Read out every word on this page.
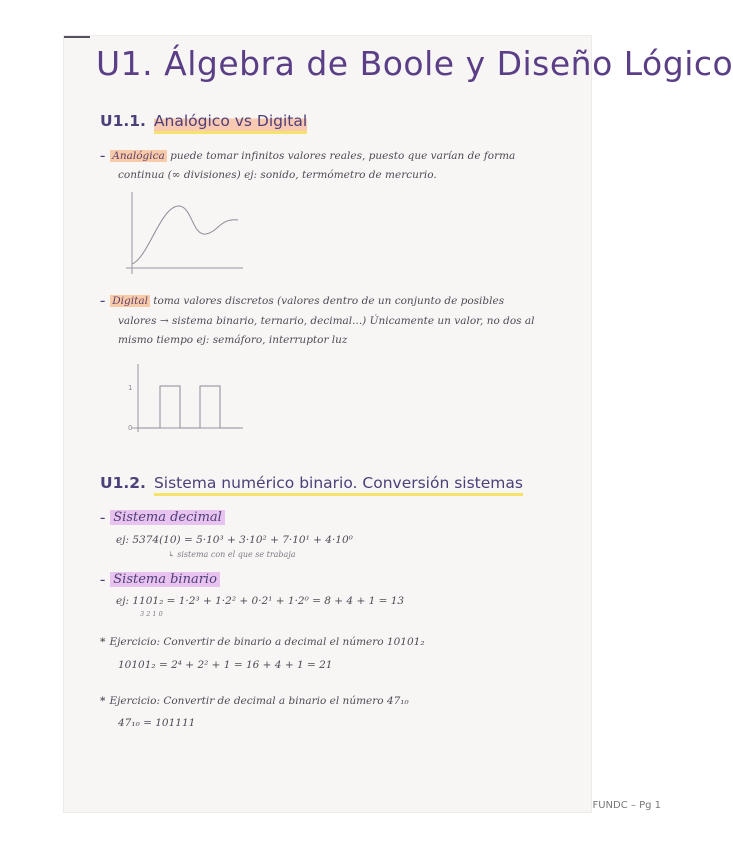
U1. Álgebra de Boole y Diseño Lógico
U1.1. Analógico vs Digital
– Analógica puede tomar infinitos valores reales, puesto que varían de forma
continua (∞ divisiones) ej: sonido, termómetro de mercurio.
– Digital toma valores discretos (valores dentro de un conjunto de posibles
valores → sistema binario, ternario, decimal...) Únicamente un valor, no dos al
mismo tiempo ej: semáforo, interruptor luz
1
0
U1.2. Sistema numérico binario. Conversión sistemas
– Sistema decimal
ej: 5374(10) = 5·10³ + 3·10² + 7·10¹ + 4·10⁰
↳ sistema con el que se trabaja
– Sistema binario
ej: 1101₂ = 1·2³ + 1·2² + 0·2¹ + 1·2⁰ = 8 + 4 + 1 = 13
3 2 1 0
* Ejercicio: Convertir de binario a decimal el número 10101₂
10101₂ = 2⁴ + 2² + 1 = 16 + 4 + 1 = 21
* Ejercicio: Convertir de decimal a binario el número 47₁₀
47₁₀ = 101111
FUNDC – Pg 1
